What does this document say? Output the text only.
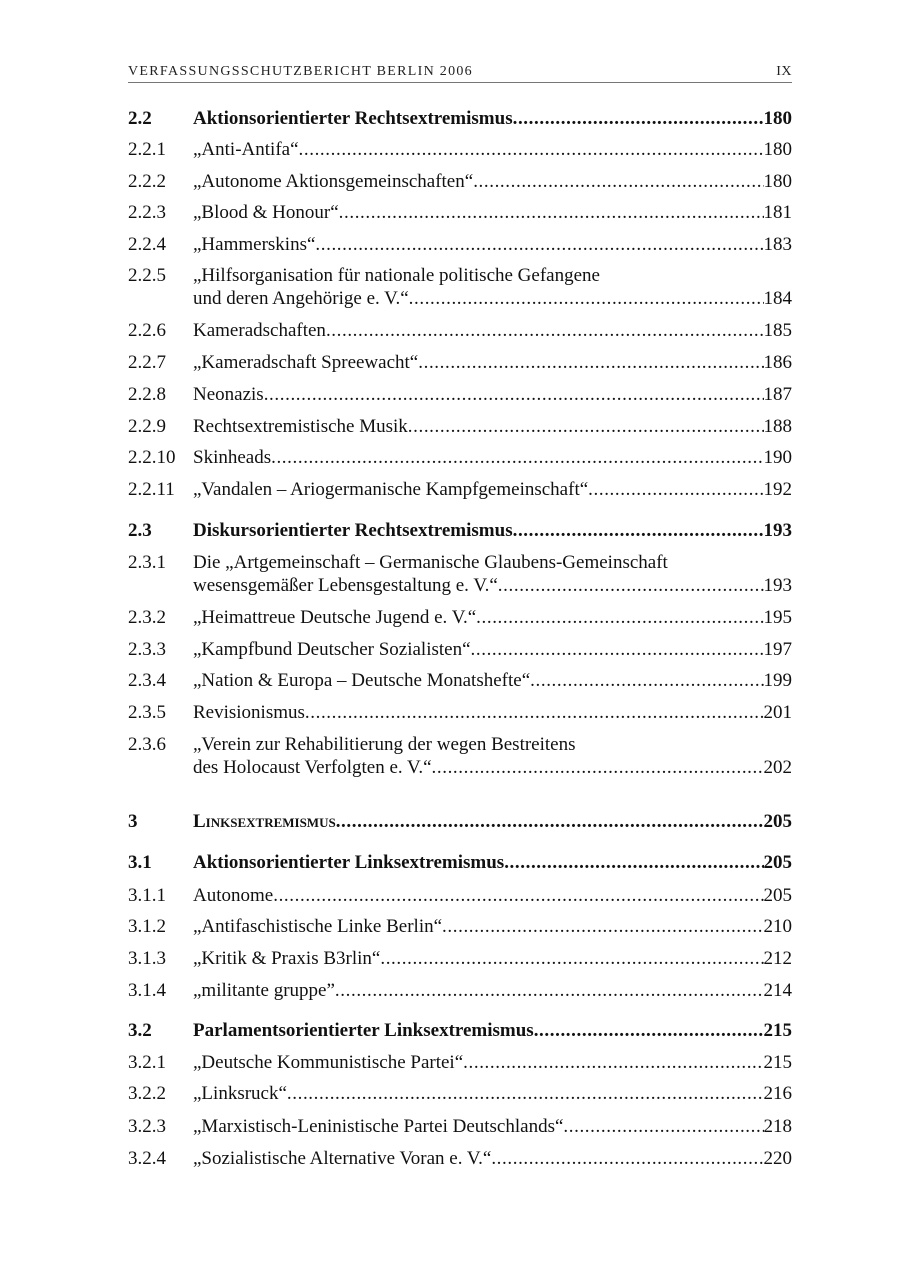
VERFASSUNGSSCHUTZBERICHT BERLIN 2006	IX
2.2 Aktionsorientierter Rechtsextremismus .....	180
2.2.1 „Anti-Antifa“ .....	180
2.2.2 „Autonome Aktionsgemeinschaften“ .....	180
2.2.3 „Blood & Honour“ .....	181
2.2.4 „Hammerskins“ .....	183
2.2.5 „Hilfsorganisation für nationale politische Gefangene
und deren Angehörige e. V.“ .....	184
2.2.6 Kameradschaften .....	185
2.2.7 „Kameradschaft Spreewacht“ .....	186
2.2.8 Neonazis .....	187
2.2.9 Rechtsextremistische Musik .....	188
2.2.10 Skinheads .....	190
2.2.11 „Vandalen – Ariogermanische Kampfgemeinschaft“ .....	192
2.3 Diskursorientierter Rechtsextremismus .....	193
2.3.1 Die „Artgemeinschaft – Germanische Glaubens-Gemeinschaft
wesensgemäßer Lebensgestaltung e. V.“ .....	193
2.3.2 „Heimattreue Deutsche Jugend e. V.“ .....	195
2.3.3 „Kampfbund Deutscher Sozialisten“ .....	197
2.3.4 „Nation & Europa – Deutsche Monatshefte“ .....	199
2.3.5 Revisionismus .....	201
2.3.6 „Verein zur Rehabilitierung der wegen Bestreitens
des Holocaust Verfolgten e. V.“ .....	202
3	Linksextremismus .....	205
3.1 Aktionsorientierter Linksextremismus .....	205
3.1.1 Autonome .....	205
3.1.2 „Antifaschistische Linke Berlin“ .....	210
3.1.3 „Kritik & Praxis B3rlin“ .....	212
3.1.4 „militante gruppe” .....	214
3.2 Parlamentsorientierter Linksextremismus .....	215
3.2.1 „Deutsche Kommunistische Partei“ .....	215
3.2.2 „Linksruck“ .....	216
3.2.3 „Marxistisch-Leninistische Partei Deutschlands“ .....	218
3.2.4 „Sozialistische Alternative Voran e. V.“ .....	220
